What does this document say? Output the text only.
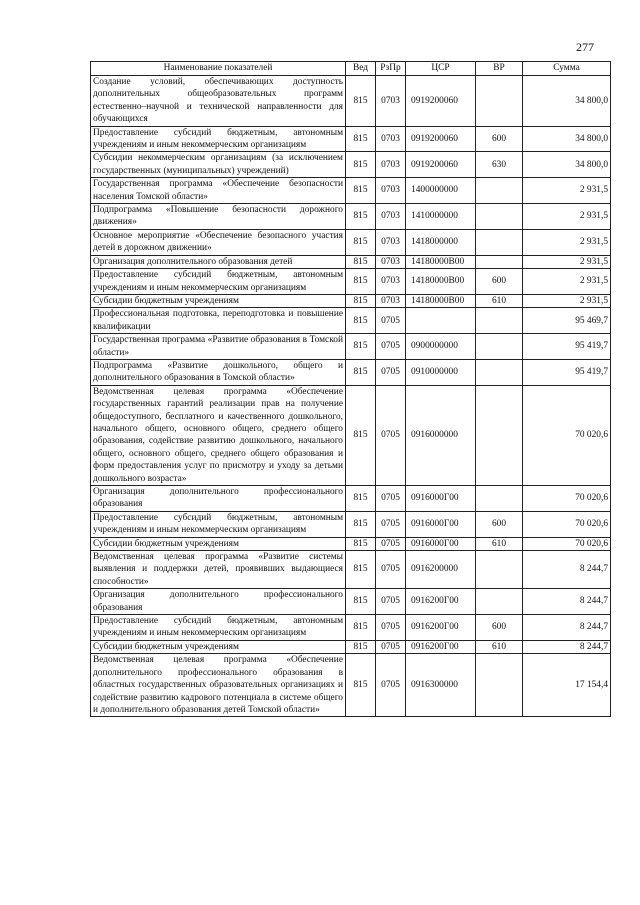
277
Наименование показателей	Вед	РзПр	ЦСР	ВР	Сумма
Создание условий, обеспечивающих доступность дополнительных общеобразовательных программ естественно–научной и технической направленности для обучающихся	815	0703	0919200060		34 800,0
Предоставление субсидий бюджетным, автономным учреждениям и иным некоммерческим организациям	815	0703	0919200060	600	34 800,0
Субсидии некоммерческим организациям (за исключением государственных (муниципальных) учреждений)	815	0703	0919200060	630	34 800,0
Государственная программа «Обеспечение безопасности населения Томской области»	815	0703	1400000000		2 931,5
Подпрограмма «Повышение безопасности дорожного движения»	815	0703	1410000000		2 931,5
Основное мероприятие «Обеспечение безопасного участия детей в дорожном движении»	815	0703	1418000000		2 931,5
Организация дополнительного образования детей	815	0703	14180000В00		2 931,5
Предоставление субсидий бюджетным, автономным учреждениям и иным некоммерческим организациям	815	0703	14180000В00	600	2 931,5
Субсидии бюджетным учреждениям	815	0703	14180000В00	610	2 931,5
Профессиональная подготовка, переподготовка и повышение квалификации	815	0705			95 469,7
Государственная программа «Развитие образования в Томской области»	815	0705	0900000000		95 419,7
Подпрограмма «Развитие дошкольного, общего и дополнительного образования в Томской области»	815	0705	0910000000		95 419,7
Ведомственная целевая программа «Обеспечение государственных гарантий реализации прав на получение общедоступного, бесплатного и качественного дошкольного, начального общего, основного общего, среднего общего образования, содействие развитию дошкольного, начального общего, основного общего, среднего общего образования и форм предоставления услуг по присмотру и уходу за детьми дошкольного возраста»	815	0705	0916000000		70 020,6
Организация дополнительного профессионального образования	815	0705	0916000Г00		70 020,6
Предоставление субсидий бюджетным, автономным учреждениям и иным некоммерческим организациям	815	0705	0916000Г00	600	70 020,6
Субсидии бюджетным учреждениям	815	0705	0916000Г00	610	70 020,6
Ведомственная целевая программа «Развитие системы выявления и поддержки детей, проявивших выдающиеся способности»	815	0705	0916200000		8 244,7
Организация дополнительного профессионального образования	815	0705	0916200Г00		8 244,7
Предоставление субсидий бюджетным, автономным учреждениям и иным некоммерческим организациям	815	0705	0916200Г00	600	8 244,7
Субсидии бюджетным учреждениям	815	0705	0916200Г00	610	8 244,7
Ведомственная целевая программа «Обеспечение дополнительного профессионального образования в областных государственных образовательных организациях и содействие развитию кадрового потенциала в системе общего и дополнительного образования детей Томской области»	815	0705	0916300000		17 154,4
